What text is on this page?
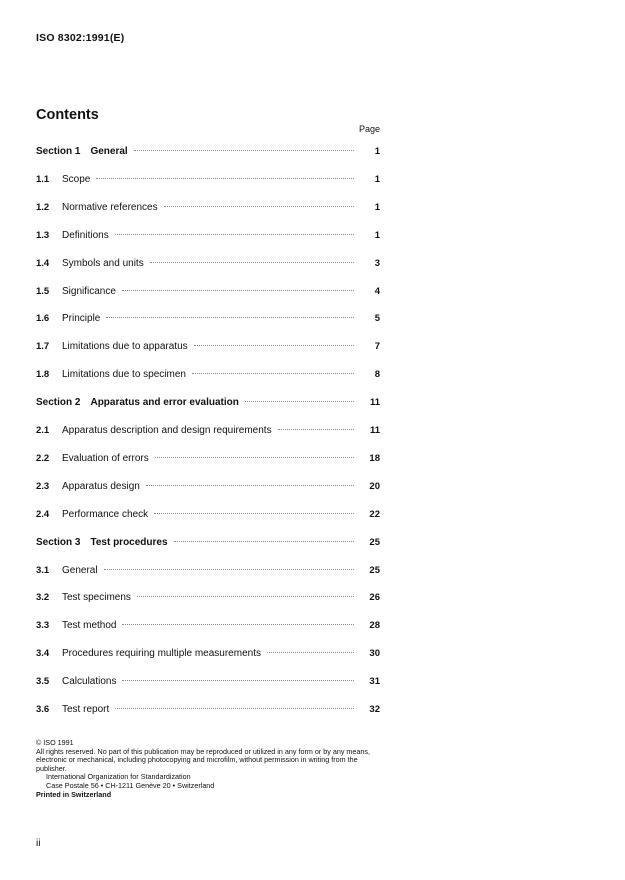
ISO 8302:1991(E)
Contents
Page
Section 1 General	1
1.1	Scope	1
1.2	Normative references	1
1.3	Definitions	1
1.4	Symbols and units	3
1.5	Significance	4
1.6	Principle	5
1.7	Limitations due to apparatus	7
1.8	Limitations due to specimen	8
Section 2 Apparatus and error evaluation	11
2.1	Apparatus description and design requirements	11
2.2	Evaluation of errors	18
2.3	Apparatus design	20
2.4	Performance check	22
Section 3 Test procedures	25
3.1	General	25
3.2	Test specimens	26
3.3	Test method	28
3.4	Procedures requiring multiple measurements	30
3.5	Calculations	31
3.6	Test report	32

© ISO 1991

All rights reserved. No part of this publication may be reproduced or utilized in any form or by any means, electronic or mechanical, including photocopying and microfilm, without permission in writing from the publisher.

International Organization for Standardization

Case Postale 56 • CH-1211 Genève 20 • Switzerland

Printed in Switzerland

ii
